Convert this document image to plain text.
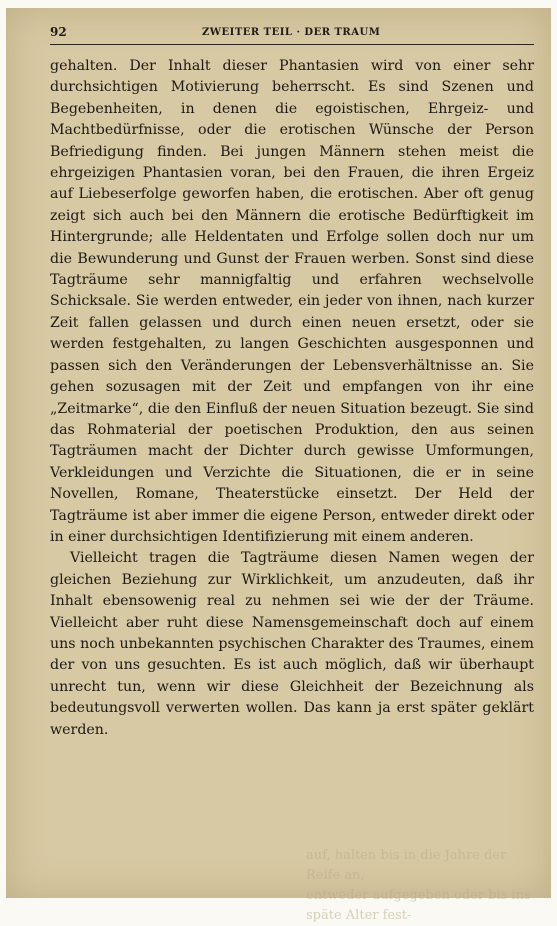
92	ZWEITER TEIL · DER TRAUM

gehalten. Der Inhalt dieser Phantasien wird von einer sehr durchsichtigen Motivierung beherrscht. Es sind Szenen und Begebenheiten, in denen die egoistischen, Ehrgeiz- und Machtbedürfnisse, oder die erotischen Wünsche der Person Befriedigung finden. Bei jungen Männern stehen meist die ehrgeizigen Phantasien voran, bei den Frauen, die ihren Ergeiz auf Liebeserfolge geworfen haben, die erotischen. Aber oft genug zeigt sich auch bei den Männern die erotische Bedürftigkeit im Hintergrunde; alle Heldentaten und Erfolge sollen doch nur um die Bewunderung und Gunst der Frauen werben. Sonst sind diese Tagträume sehr mannigfaltig und erfahren wechselvolle Schicksale. Sie werden entweder, ein jeder von ihnen, nach kurzer Zeit fallen gelassen und durch einen neuen ersetzt, oder sie werden festgehalten, zu langen Geschichten ausgesponnen und passen sich den Veränderungen der Lebensverhältnisse an. Sie gehen sozusagen mit der Zeit und empfangen von ihr eine „Zeitmarke“, die den Einfluß der neuen Situation bezeugt. Sie sind das Rohmaterial der poetischen Produktion, den aus seinen Tagträumen macht der Dichter durch gewisse Umformungen, Verkleidungen und Verzichte die Situationen, die er in seine Novellen, Romane, Theaterstücke einsetzt. Der Held der Tagträume ist aber immer die eigene Person, entweder direkt oder in einer durchsichtigen Identifizierung mit einem anderen.

Vielleicht tragen die Tagträume diesen Namen wegen der gleichen Beziehung zur Wirklichkeit, um anzudeuten, daß ihr Inhalt ebensowenig real zu nehmen sei wie der der Träume. Vielleicht aber ruht diese Namensgemeinschaft doch auf einem uns noch unbekannten psychischen Charakter des Traumes, einem der von uns gesuchten. Es ist auch möglich, daß wir überhaupt unrecht tun, wenn wir diese Gleichheit der Bezeichnung als bedeutungsvoll verwerten wollen. Das kann ja erst später geklärt werden.

auf, halten bis in die Jahre der Reife an,
entweder aufgegeben oder bis ins späte Alter fest-
